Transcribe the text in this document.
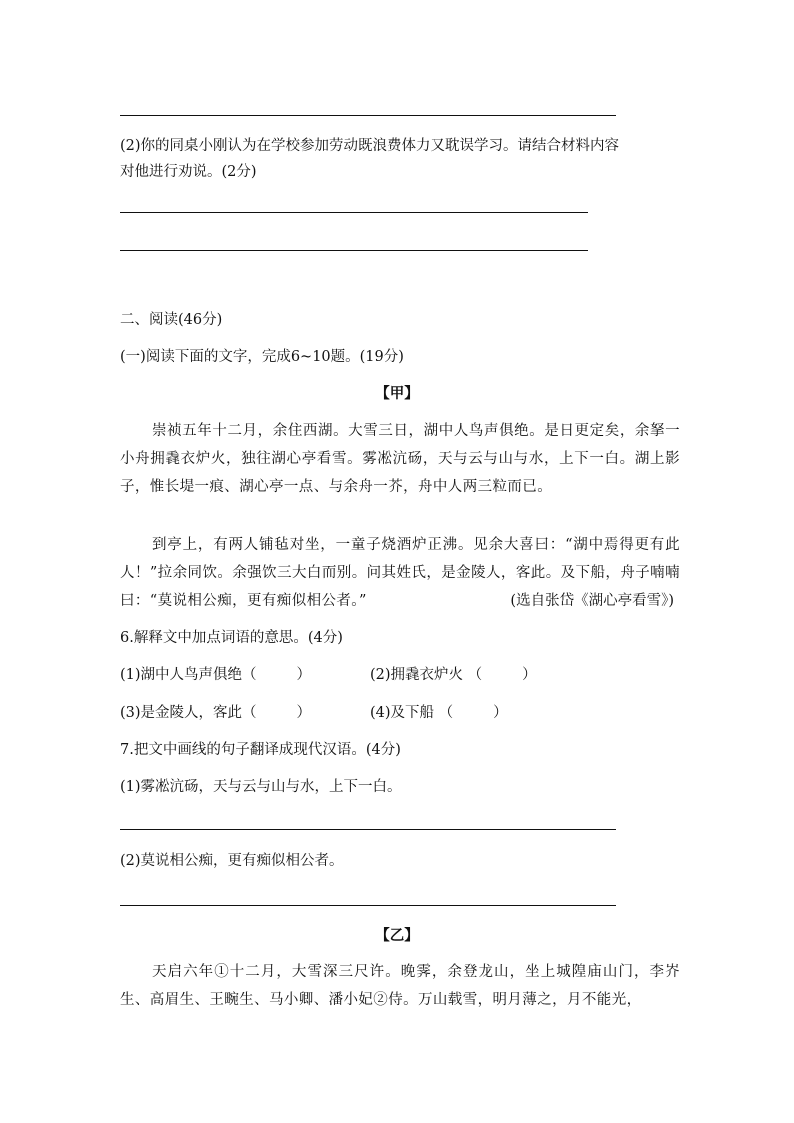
(2)你的同桌小刚认为在学校参加劳动既浪费体力又耽误学习。请结合材料内容
对他进行劝说。(2分)
二、阅读(46分)
(一)阅读下面的文字，完成6~10题。(19分)
【甲】
崇祯五年十二月，余住西湖。大雪三日，湖中人鸟声俱绝。是日更定矣，余拏一小舟拥毳衣炉火，独往湖心亭看雪。雾凇沆砀，天与云与山与水，上下一白。湖上影子，惟长堤一痕、湖心亭一点、与余舟一芥，舟中人两三粒而已。
到亭上，有两人铺毡对坐，一童子烧酒炉正沸。见余大喜曰：“湖中焉得更有此人！”拉余同饮。余强饮三大白而别。问其姓氏，是金陵人，客此。及下船，舟子喃喃曰：“莫说相公痴，更有痴似相公者。”	(选自张岱《湖心亭看雪》)
6.解释文中加点词语的意思。(4分)
(1)湖中人鸟声俱绝（	）	(2)拥毳衣炉火 （	）
(3)是金陵人，客此（	）	(4)及下船 （	）
7.把文中画线的句子翻译成现代汉语。(4分)
(1)雾凇沆砀，天与云与山与水，上下一白。
(2)莫说相公痴，更有痴似相公者。
【乙】
天启六年①十二月，大雪深三尺许。晚霁，余登龙山，坐上城隍庙山门，李岕生、高眉生、王畹生、马小卿、潘小妃②侍。万山载雪，明月薄之，月不能光，
